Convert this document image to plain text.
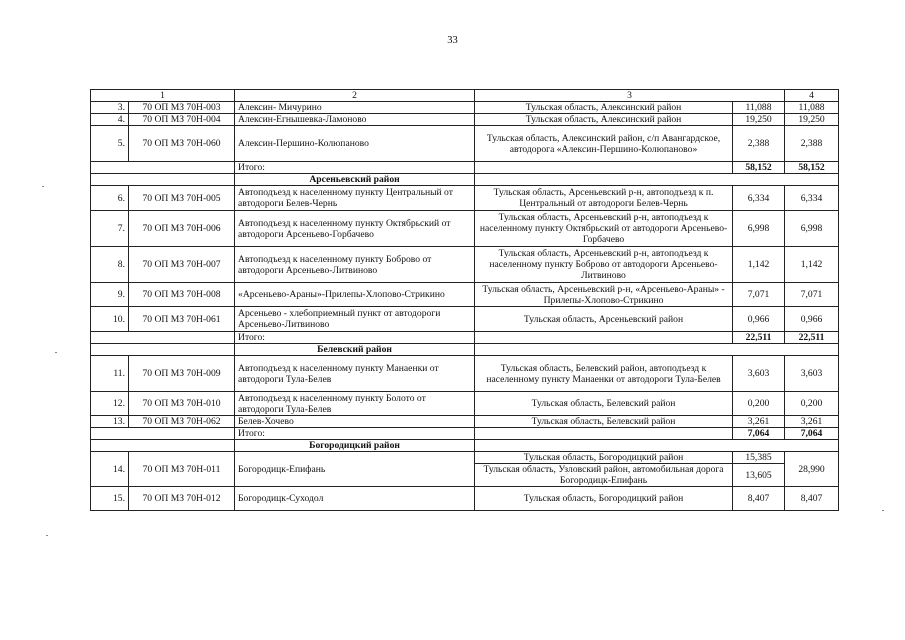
33
1		2	3		4
3.	70 ОП МЗ 70Н-003	Алексин- Мичурино	Тульская область, Алексинский район	11,088	11,088
4.	70 ОП МЗ 70Н-004	Алексин-Егнышевка-Ламоново	Тульская область, Алексинский район	19,250	19,250
5.	70 ОП МЗ 70Н-060	Алексин-Першино-Колюпаново	Тульская область, Алексинский район, с/п Авангардское, автодорога «Алексин-Першино-Колюпаново»	2,388	2,388
		Итого:		58,152	58,152
		Арсеньевский район			
6.	70 ОП МЗ 70Н-005	Автоподъезд к населенному пункту Центральный от автодороги Белев-Чернь	Тульская область, Арсеньевский р-н, автоподъезд к п. Центральный от автодороги Белев-Чернь	6,334	6,334
7.	70 ОП МЗ 70Н-006	Автоподъезд к населенному пункту Октябрьский от автодороги Арсеньево-Горбачево	Тульская область, Арсеньевский р-н, автоподъезд к населенному пункту Октябрьский от автодороги Арсеньево-Горбачево	6,998	6,998
8.	70 ОП МЗ 70Н-007	Автоподъезд к населенному пункту Боброво от автодороги Арсеньево-Литвиново	Тульская область, Арсеньевский р-н, автоподъезд к населенному пункту Боброво от автодороги Арсеньево-Литвиново	1,142	1,142
9.	70 ОП МЗ 70Н-008	«Арсеньево-Араны»-Прилепы-Хлопово-Стрикино	Тульская область, Арсеньевский р-н, «Арсеньево-Араны» - Прилепы-Хлопово-Стрикино	7,071	7,071
10.	70 ОП МЗ 70Н-061	Арсеньево - хлебоприемный пункт от автодороги Арсеньево-Литвиново	Тульская область, Арсеньевский район	0,966	0,966
		Итого:		22,511	22,511
		Белевский район			
11.	70 ОП МЗ 70Н-009	Автоподъезд к населенному пункту Манаенки от автодороги Тула-Белев	Тульская область, Белевский район, автоподъезд к населенному пункту Манаенки от автодороги Тула-Белев	3,603	3,603
12.	70 ОП МЗ 70Н-010	Автоподъезд к населенному пункту Болото от автодороги Тула-Белев	Тульская область, Белевский район	0,200	0,200
13.	70 ОП МЗ 70Н-062	Белев-Хочево	Тульская область, Белевский район	3,261	3,261
		Итого:		7,064	7,064
		Богородицкий район			
14.	70 ОП МЗ 70Н-011	Богородицк-Епифань	Тульская область, Богородицкий район	15,385	28,990
			Тульская область, Узловский район, автомобильная дорога Богородицк-Епифань	13,605	
15.	70 ОП МЗ 70Н-012	Богородицк-Суходол	Тульская область, Богородицкий район	8,407	8,407
